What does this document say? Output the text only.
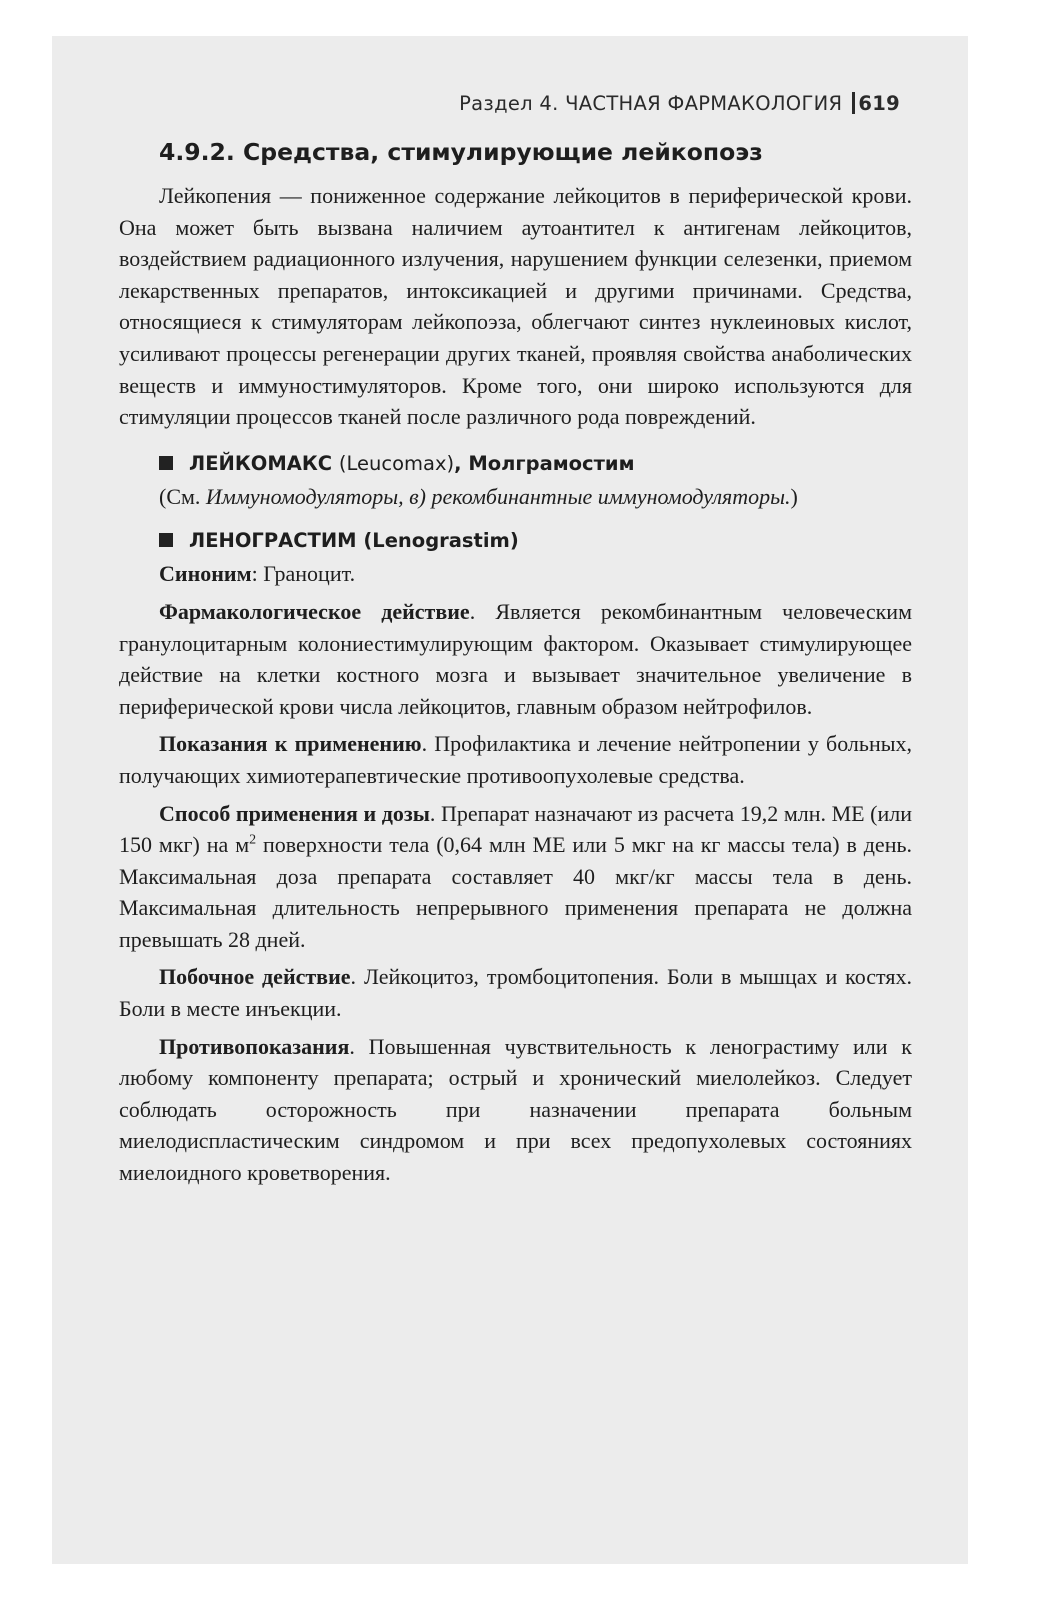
Раздел 4. ЧАСТНАЯ ФАРМАКОЛОГИЯ 619
4.9.2. Средства, стимулирующие лейкопоэз

Лейкопения — пониженное содержание лейкоцитов в периферической крови. Она может быть вызвана наличием аутоантител к антигенам лейкоцитов, воздействием радиационного излучения, нарушением функции селезенки, приемом лекарственных препаратов, интоксикацией и другими причинами. Средства, относящиеся к стимуляторам лейкопоэза, облегчают синтез нуклеиновых кислот, усиливают процессы регенерации других тканей, проявляя свойства анаболических веществ и иммуностимуляторов. Кроме того, они широко используются для стимуляции процессов тканей после различного рода повреждений.

ЛЕЙКОМАКС (Leucomax), Молграмостим

(См. Иммуномодуляторы, в) рекомбинантные иммуномодуляторы.)

ЛЕНОГРАСТИМ (Lenograstim)

Синоним: Граноцит.

Фармакологическое действие. Является рекомбинантным человеческим гранулоцитарным колониестимулирующим фактором. Оказывает стимулирующее действие на клетки костного мозга и вызывает значительное увеличение в периферической крови числа лейкоцитов, главным образом нейтрофилов.

Показания к применению. Профилактика и лечение нейтропении у больных, получающих химиотерапевтические противоопухолевые средства.

Способ применения и дозы. Препарат назначают из расчета 19,2 млн. МЕ (или 150 мкг) на $м^2$ поверхности тела (0,64 млн МЕ или 5 мкг на кг массы тела) в день. Максимальная доза препарата составляет 40 мкг/кг массы тела в день. Максимальная длительность непрерывного применения препарата не должна превышать 28 дней.

Побочное действие. Лейкоцитоз, тромбоцитопения. Боли в мышцах и костях. Боли в месте инъекции.

Противопоказания. Повышенная чувствительность к ленограстиму или к любому компоненту препарата; острый и хронический миелолейкоз. Следует соблюдать осторожность при назначении препарата больным миелодиспластическим синдромом и при всех предопухолевых состояниях миелоидного кроветворения.
